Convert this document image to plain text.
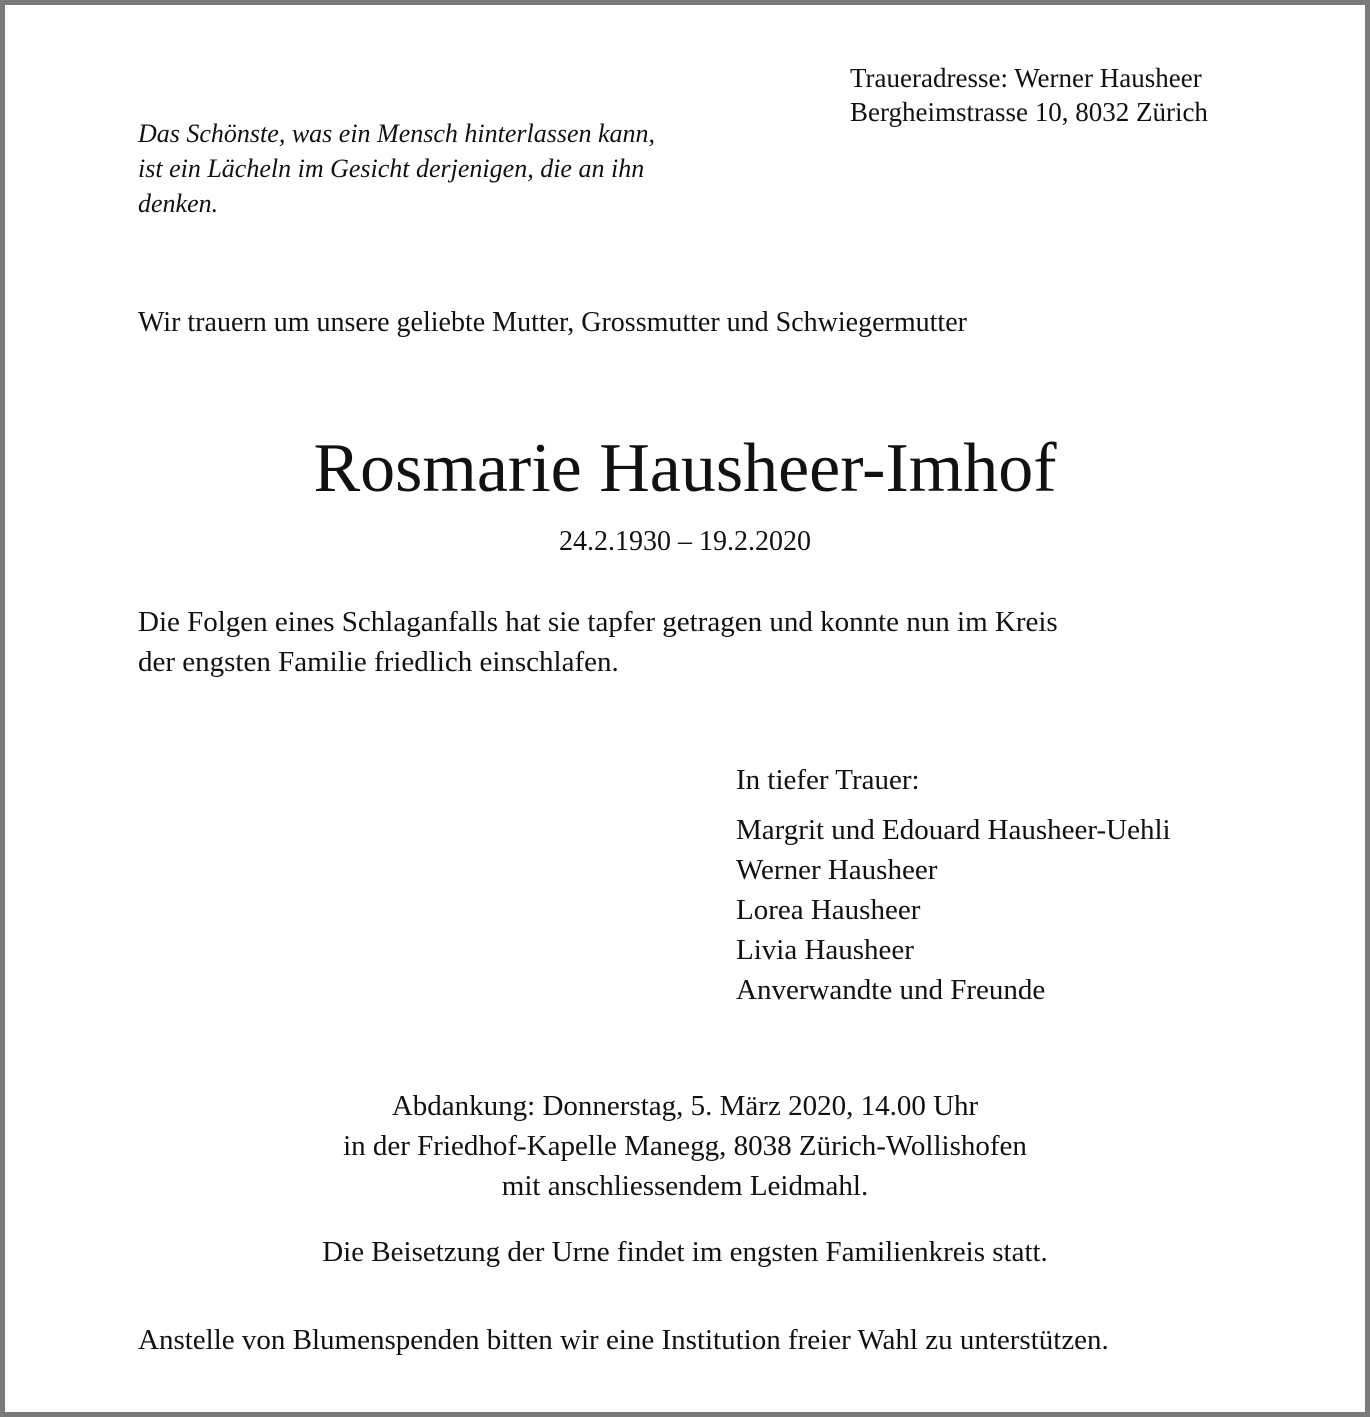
Das Schönste, was ein Mensch hinterlassen kann,
ist ein Lächeln im Gesicht derjenigen, die an ihn
denken.
Traueradresse: Werner Hausheer
Bergheimstrasse 10, 8032 Zürich
Wir trauern um unsere geliebte Mutter, Grossmutter und Schwiegermutter
Rosmarie Hausheer-Imhof
24.2.1930 – 19.2.2020
Die Folgen eines Schlaganfalls hat sie tapfer getragen und konnte nun im Kreis
der engsten Familie friedlich einschlafen.
In tiefer Trauer:
Margrit und Edouard Hausheer-Uehli
Werner Hausheer
Lorea Hausheer
Livia Hausheer
Anverwandte und Freunde
Abdankung: Donnerstag, 5. März 2020, 14.00 Uhr
in der Friedhof-Kapelle Manegg, 8038 Zürich-Wollishofen
mit anschliessendem Leidmahl.
Die Beisetzung der Urne findet im engsten Familienkreis statt.
Anstelle von Blumenspenden bitten wir eine Institution freier Wahl zu unterstützen.
